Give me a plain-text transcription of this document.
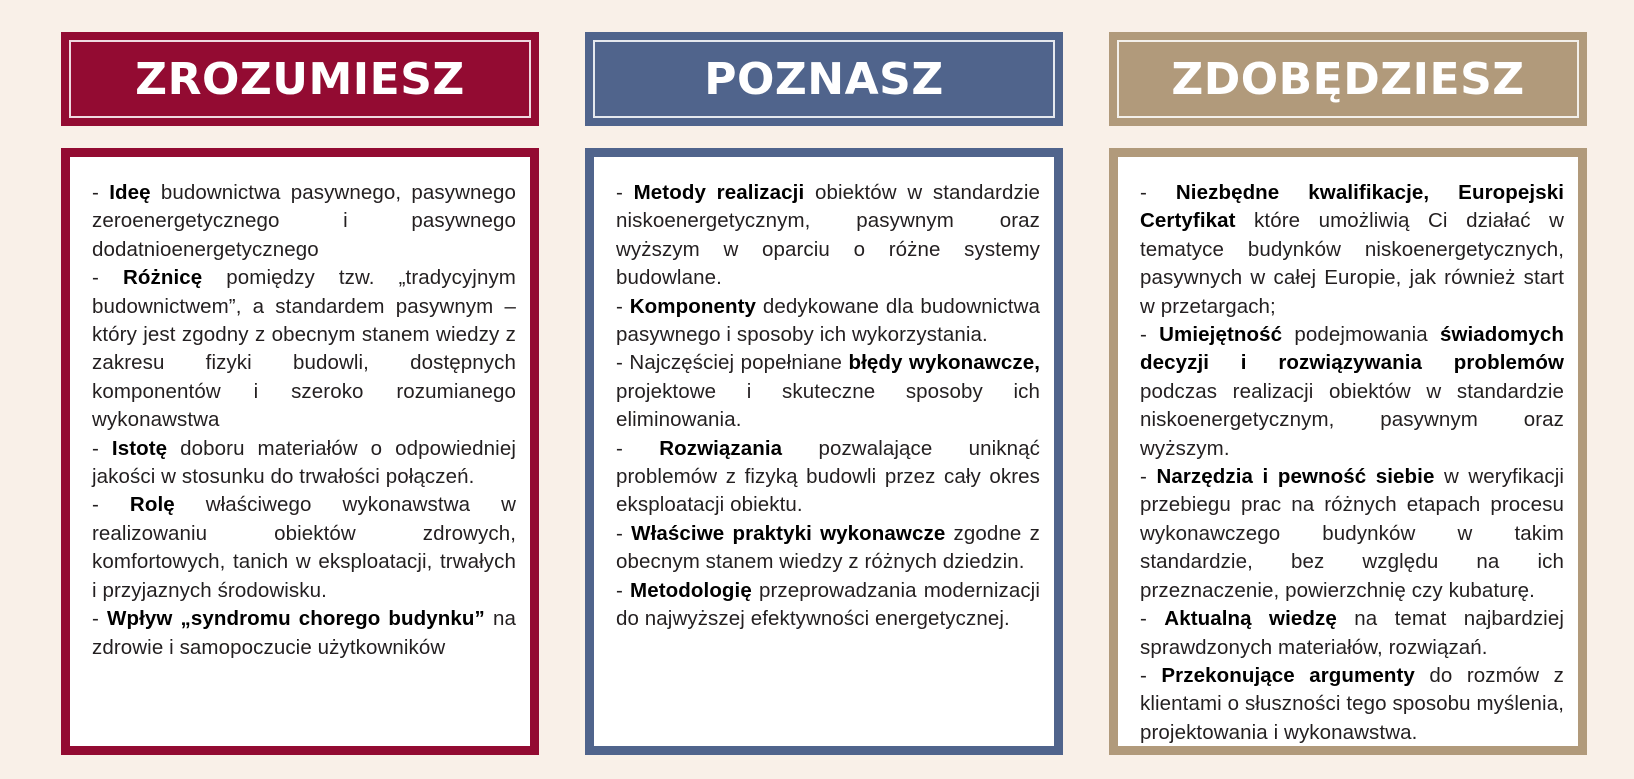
ZROZUMIESZ

- Ideę budownictwa pasywnego, pasywnego zeroenergetycznego i pasywnego dodatnioenergetycznego

- Różnicę pomiędzy tzw. „tradycyjnym budownictwem”, a standardem pasywnym – który jest zgodny z obecnym stanem wiedzy z zakresu fizyki budowli, dostępnych komponentów i szeroko rozumianego wykonawstwa

- Istotę doboru materiałów o odpowiedniej jakości w stosunku do trwałości połączeń.

- Rolę właściwego wykonawstwa w realizowaniu obiektów zdrowych, komfortowych, tanich w eksploatacji, trwałych i przyjaznych środowisku.

- Wpływ „syndromu chorego budynku” na zdrowie i samopoczucie użytkowników

POZNASZ

- Metody realizacji obiektów w standardzie niskoenergetycznym, pasywnym oraz wyższym w oparciu o różne systemy budowlane.

- Komponenty dedykowane dla budownictwa pasywnego i sposoby ich wykorzystania.

- Najczęściej popełniane błędy wykonawcze, projektowe i skuteczne sposoby ich eliminowania.

- Rozwiązania pozwalające uniknąć problemów z fizyką budowli przez cały okres eksploatacji obiektu.

- Właściwe praktyki wykonawcze zgodne z obecnym stanem wiedzy z różnych dziedzin.

- Metodologię przeprowadzania modernizacji do najwyższej efektywności energetycznej.

ZDOBĘDZIESZ

- Niezbędne kwalifikacje, Europejski Certyfikat które umożliwią Ci działać w tematyce budynków niskoenergetycznych, pasywnych w całej Europie, jak również start w przetargach;

- Umiejętność podejmowania świadomych decyzji i rozwiązywania problemów podczas realizacji obiektów w standardzie niskoenergetycznym, pasywnym oraz wyższym.

- Narzędzia i pewność siebie w weryfikacji przebiegu prac na różnych etapach procesu wykonawczego budynków w takim standardzie, bez względu na ich przeznaczenie, powierzchnię czy kubaturę.

- Aktualną wiedzę na temat najbardziej sprawdzonych materiałów, rozwiązań.

- Przekonujące argumenty do rozmów z klientami o słuszności tego sposobu myślenia, projektowania i wykonawstwa.
